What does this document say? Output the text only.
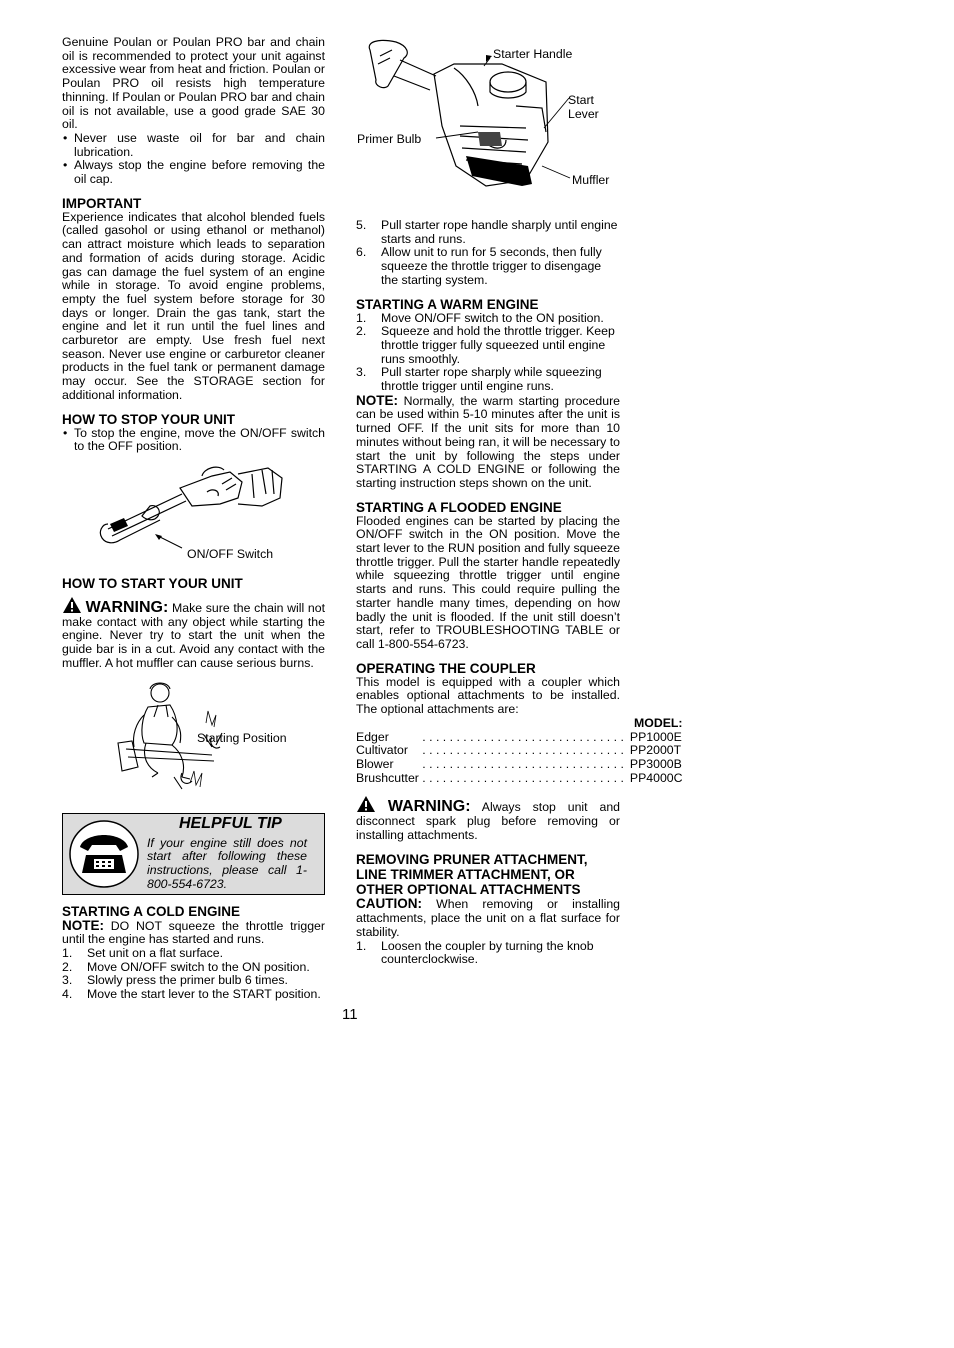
Genuine Poulan or Poulan PRO bar and chain oil is recommended to protect your unit against excessive wear from heat and friction. Poulan or Poulan PRO oil resists high temperature thinning. If Poulan or Poulan PRO bar and chain oil is not available, use a good grade SAE 30 oil.

• Never use waste oil for bar and chain lubrication.
• Always stop the engine before removing the oil cap.
IMPORTANT

Experience indicates that alcohol blended fuels (called gasohol or using ethanol or methanol) can attract moisture which leads to separation and formation of acids during storage. Acidic gas can damage the fuel system of an engine while in storage. To avoid engine problems, empty the fuel system before storage for 30 days or longer. Drain the gas tank, start the engine and let it run until the fuel lines and carburetor are empty. Use fresh fuel next season. Never use engine or carburetor cleaner products in the fuel tank or permanent damage may occur. See the STORAGE section for additional information.

HOW TO STOP YOUR UNIT
• To stop the engine, move the ON/OFF switch to the OFF position.
ON/OFF Switch
HOW TO START YOUR UNIT

WARNING: Make sure the chain will not make contact with any object while starting the engine. Never try to start the unit when the guide bar is in a cut. Avoid any contact with the muffler. A hot muffler can cause serious burns.

Starting Position
HELPFUL TIP
If your engine still does not start after following these instructions, please call 1-800-554-6723.
STARTING A COLD ENGINE

NOTE: DO NOT squeeze the throttle trigger until the engine has started and runs.

1. Set unit on a flat surface.
2. Move ON/OFF switch to the ON position.
3. Slowly press the primer bulb 6 times.
4. Move the start lever to the START position.
Starter Handle
Start
Lever
Primer Bulb
Muffler
5. Pull starter rope handle sharply until engine starts and runs.
6. Allow unit to run for 5 seconds, then fully squeeze the throttle trigger to disengage the starting system.
STARTING A WARM ENGINE
1. Move ON/OFF switch to the ON position.
2. Squeeze and hold the throttle trigger. Keep throttle trigger fully squeezed until engine runs smoothly.
3. Pull starter rope sharply while squeezing throttle trigger until engine runs.

NOTE: Normally, the warm starting procedure can be used within 5-10 minutes after the unit is turned OFF. If the unit sits for more than 10 minutes without being ran, it will be necessary to start the unit by following the steps under STARTING A COLD ENGINE or following the starting instruction steps shown on the unit.

STARTING A FLOODED ENGINE

Flooded engines can be started by placing the ON/OFF switch in the ON position. Move the start lever to the RUN position and fully squeeze throttle trigger. Pull the starter handle repeatedly while squeezing throttle trigger until engine starts and runs. This could require pulling the starter handle many times, depending on how badly the unit is flooded. If the unit still doesn’t start, refer to TROUBLESHOOTING TABLE or call 1-800-554-6723.

OPERATING THE COUPLER

This model is equipped with a coupler which enables optional attachments to be installed. The optional attachments are:

		MODEL:
Edger	. . . . . . . . . . . . . . . . . . . . . . . . . . . . . .	PP1000E
Cultivator	. . . . . . . . . . . . . . . . . . . . . . . . . . . . . .	PP2000T
Blower	. . . . . . . . . . . . . . . . . . . . . . . . . . . . . .	PP3000B
Brushcutter	. . . . . . . . . . . . . . . . . . . . . . . . . . . . . .	PP4000C

WARNING: Always stop unit and disconnect spark plug before removing or installing attachments.

REMOVING PRUNER ATTACHMENT, LINE TRIMMER ATTACHMENT, OR OTHER OPTIONAL ATTACHMENTS

CAUTION: When removing or installing attachments, place the unit on a flat surface for stability.

1. Loosen the coupler by turning the knob counterclockwise.
11
